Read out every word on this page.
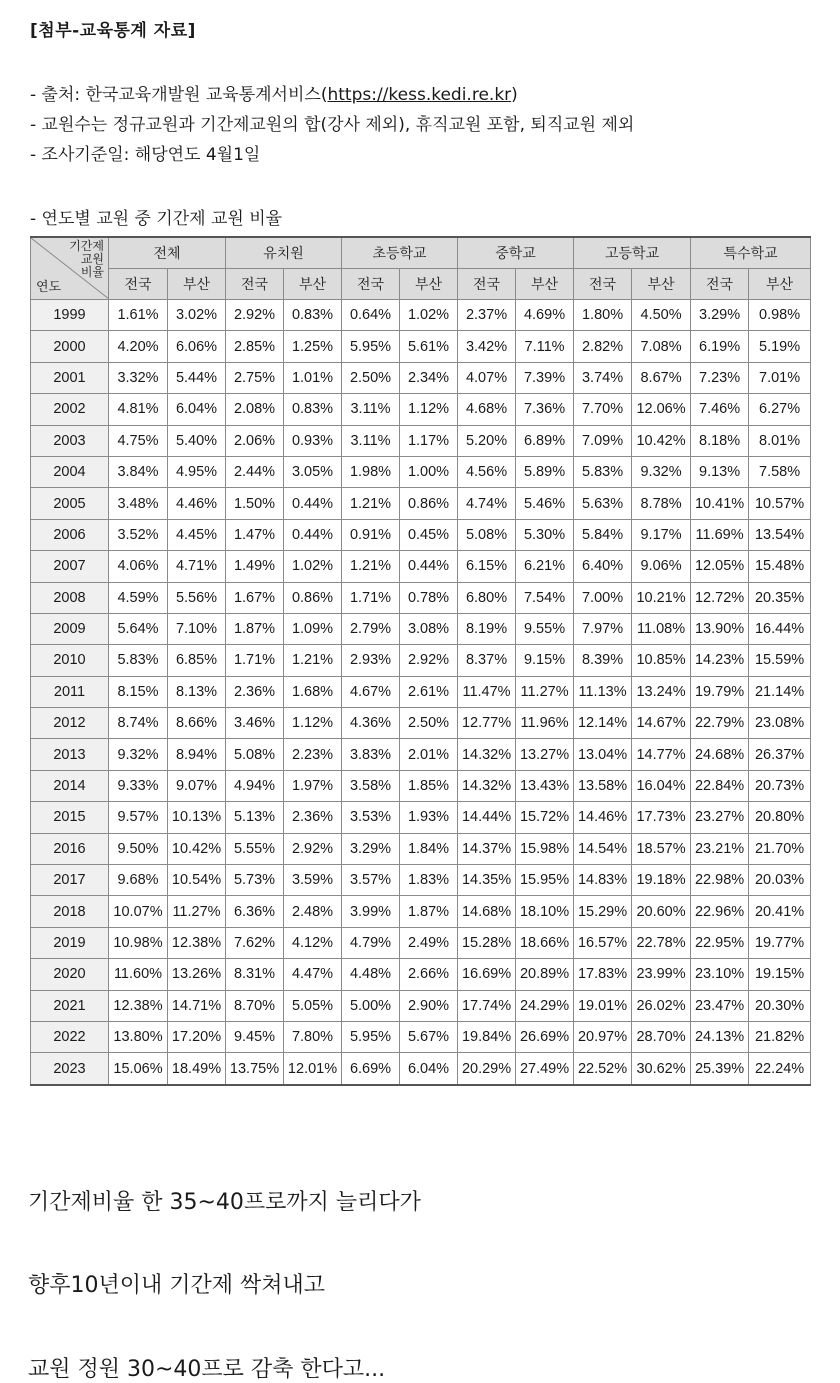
[첨부-교육통계 자료]
- 출처: 한국교육개발원 교육통계서비스(https://kess.kedi.re.kr)
- 교원수는 정규교원과 기간제교원의 합(강사 제외), 휴직교원 포함, 퇴직교원 제외
- 조사기준일: 해당연도 4월1일
- 연도별 교원 중 기간제 교원 비율
기간제
교원
비율
연도	전체		유치원		초등학교		중학교		고등학교		특수학교	
	전국	부산	전국	부산	전국	부산	전국	부산	전국	부산	전국	부산
1999	1.61%	3.02%	2.92%	0.83%	0.64%	1.02%	2.37%	4.69%	1.80%	4.50%	3.29%	0.98%
2000	4.20%	6.06%	2.85%	1.25%	5.95%	5.61%	3.42%	7.11%	2.82%	7.08%	6.19%	5.19%
2001	3.32%	5.44%	2.75%	1.01%	2.50%	2.34%	4.07%	7.39%	3.74%	8.67%	7.23%	7.01%
2002	4.81%	6.04%	2.08%	0.83%	3.11%	1.12%	4.68%	7.36%	7.70%	12.06%	7.46%	6.27%
2003	4.75%	5.40%	2.06%	0.93%	3.11%	1.17%	5.20%	6.89%	7.09%	10.42%	8.18%	8.01%
2004	3.84%	4.95%	2.44%	3.05%	1.98%	1.00%	4.56%	5.89%	5.83%	9.32%	9.13%	7.58%
2005	3.48%	4.46%	1.50%	0.44%	1.21%	0.86%	4.74%	5.46%	5.63%	8.78%	10.41%	10.57%
2006	3.52%	4.45%	1.47%	0.44%	0.91%	0.45%	5.08%	5.30%	5.84%	9.17%	11.69%	13.54%
2007	4.06%	4.71%	1.49%	1.02%	1.21%	0.44%	6.15%	6.21%	6.40%	9.06%	12.05%	15.48%
2008	4.59%	5.56%	1.67%	0.86%	1.71%	0.78%	6.80%	7.54%	7.00%	10.21%	12.72%	20.35%
2009	5.64%	7.10%	1.87%	1.09%	2.79%	3.08%	8.19%	9.55%	7.97%	11.08%	13.90%	16.44%
2010	5.83%	6.85%	1.71%	1.21%	2.93%	2.92%	8.37%	9.15%	8.39%	10.85%	14.23%	15.59%
2011	8.15%	8.13%	2.36%	1.68%	4.67%	2.61%	11.47%	11.27%	11.13%	13.24%	19.79%	21.14%
2012	8.74%	8.66%	3.46%	1.12%	4.36%	2.50%	12.77%	11.96%	12.14%	14.67%	22.79%	23.08%
2013	9.32%	8.94%	5.08%	2.23%	3.83%	2.01%	14.32%	13.27%	13.04%	14.77%	24.68%	26.37%
2014	9.33%	9.07%	4.94%	1.97%	3.58%	1.85%	14.32%	13.43%	13.58%	16.04%	22.84%	20.73%
2015	9.57%	10.13%	5.13%	2.36%	3.53%	1.93%	14.44%	15.72%	14.46%	17.73%	23.27%	20.80%
2016	9.50%	10.42%	5.55%	2.92%	3.29%	1.84%	14.37%	15.98%	14.54%	18.57%	23.21%	21.70%
2017	9.68%	10.54%	5.73%	3.59%	3.57%	1.83%	14.35%	15.95%	14.83%	19.18%	22.98%	20.03%
2018	10.07%	11.27%	6.36%	2.48%	3.99%	1.87%	14.68%	18.10%	15.29%	20.60%	22.96%	20.41%
2019	10.98%	12.38%	7.62%	4.12%	4.79%	2.49%	15.28%	18.66%	16.57%	22.78%	22.95%	19.77%
2020	11.60%	13.26%	8.31%	4.47%	4.48%	2.66%	16.69%	20.89%	17.83%	23.99%	23.10%	19.15%
2021	12.38%	14.71%	8.70%	5.05%	5.00%	2.90%	17.74%	24.29%	19.01%	26.02%	23.47%	20.30%
2022	13.80%	17.20%	9.45%	7.80%	5.95%	5.67%	19.84%	26.69%	20.97%	28.70%	24.13%	21.82%
2023	15.06%	18.49%	13.75%	12.01%	6.69%	6.04%	20.29%	27.49%	22.52%	30.62%	25.39%	22.24%
기간제비율 한 35~40프로까지 늘리다가
향후10년이내 기간제 싹쳐내고
교원 정원 30~40프로 감축 한다고...
